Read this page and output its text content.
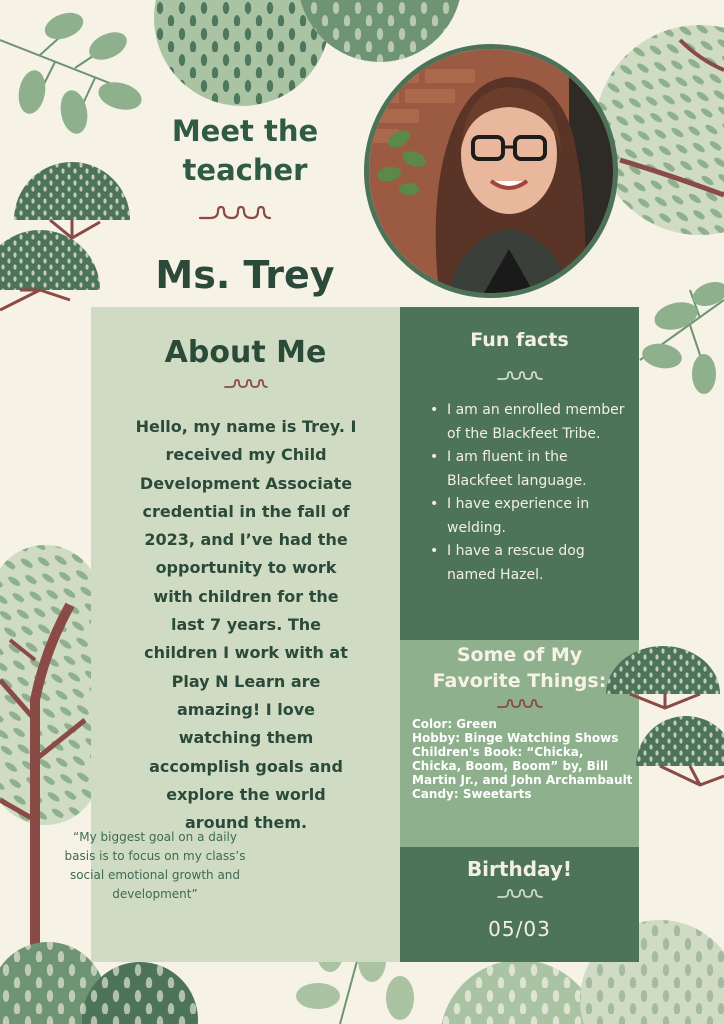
Meet the
teacher
Ms. Trey
About Me
Hello, my name is Trey. I received my Child Development Associate credential in the fall of 2023, and I’ve had the opportunity to work with children for the last 7 years. The children I work with at Play N Learn are amazing! I love watching them accomplish goals and explore the world around them.
“My biggest goal on a daily basis is to focus on my class’s social emotional growth and development”
Fun facts
• I am an enrolled member of the Blackfeet Tribe.
• I am fluent in the Blackfeet language.
• I have experience in welding.
• I have a rescue dog named Hazel.
Some of My
Favorite Things:
Color: Green
Hobby: Binge Watching Shows
Children's Book: “Chicka, Chicka, Boom, Boom” by, Bill Martin Jr., and John Archambault
Candy: Sweetarts
Birthday!
05/03
